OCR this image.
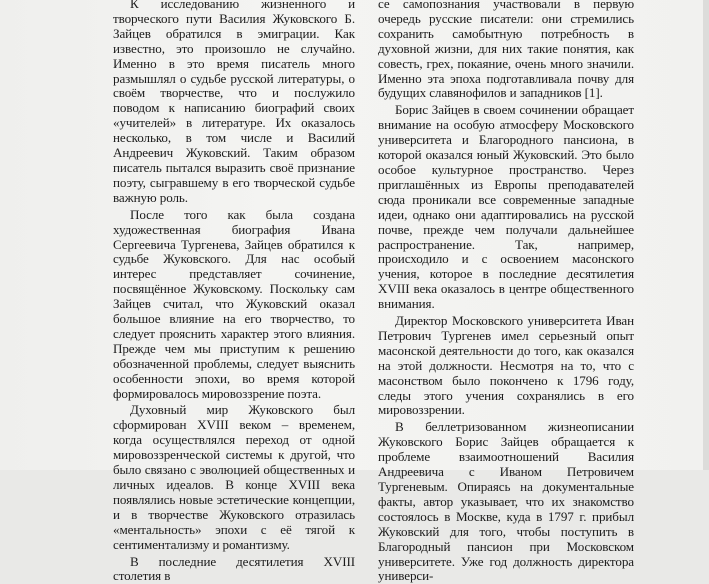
К исследованию жизненного и творческого пути Василия Жуковского Б. Зайцев обратился в эмиграции. Как известно, это произошло не случайно. Именно в это время писатель много размышлял о судьбе русской литературы, о своём творчестве, что и послужило поводом к написанию биографий своих «учителей» в литературе. Их оказалось несколько, в том числе и Василий Андреевич Жуковский. Таким образом писатель пытался выразить своё признание поэту, сыгравшему в его творческой судьбе важную роль.

После того как была создана художественная биография Ивана Сергеевича Тургенева, Зайцев обратился к судьбе Жуковского. Для нас особый интерес представляет сочинение, посвящённое Жуковскому. Поскольку сам Зайцев считал, что Жуковский оказал большое влияние на его творчество, то следует прояснить характер этого влияния. Прежде чем мы приступим к решению обозначенной проблемы, следует выяснить особенности эпохи, во время которой формировалось мировоззрение поэта.

Духовный мир Жуковского был сформирован XVIII веком – временем, когда осуществлялся переход от одной мировоззренческой системы к другой, что было связано с эволюцией общественных и личных идеалов. В конце XVIII века появлялись новые эстетические концепции, и в творчестве Жуковского отразилась «ментальность» эпохи с её тягой к сентиментализму и романтизму.

В последние десятилетия XVIII столетия в

се самопознания участвовали в первую очередь русские писатели: они стремились сохранить самобытную потребность в духовной жизни, для них такие понятия, как совесть, грех, покаяние, очень много значили. Именно эта эпоха подготавливала почву для будущих славянофилов и западников [1].

Борис Зайцев в своем сочинении обращает внимание на особую атмосферу Московского университета и Благородного пансиона, в которой оказался юный Жуковский. Это было особое культурное пространство. Через приглашённых из Европы преподавателей сюда проникали все современные западные идеи, однако они адаптировались на русской почве, прежде чем получали дальнейшее распространение. Так, например, происходило и с освоением масонского учения, которое в последние десятилетия XVIII века оказалось в центре общественного внимания.

Директор Московского университета Иван Петрович Тургенев имел серьезный опыт масонской деятельности до того, как оказался на этой должности. Несмотря на то, что с масонством было покончено к 1796 году, следы этого учения сохранялись в его мировоззрении.

В беллетризованном жизнеописании Жуковского Борис Зайцев обращается к проблеме взаимоотношений Василия Андреевича с Иваном Петровичем Тургеневым. Опираясь на документальные факты, автор указывает, что их знакомство состоялось в Москве, куда в 1797 г. прибыл Жуковский для того, чтобы поступить в Благородный пансион при Московском университете. Уже год должность директора универси-
